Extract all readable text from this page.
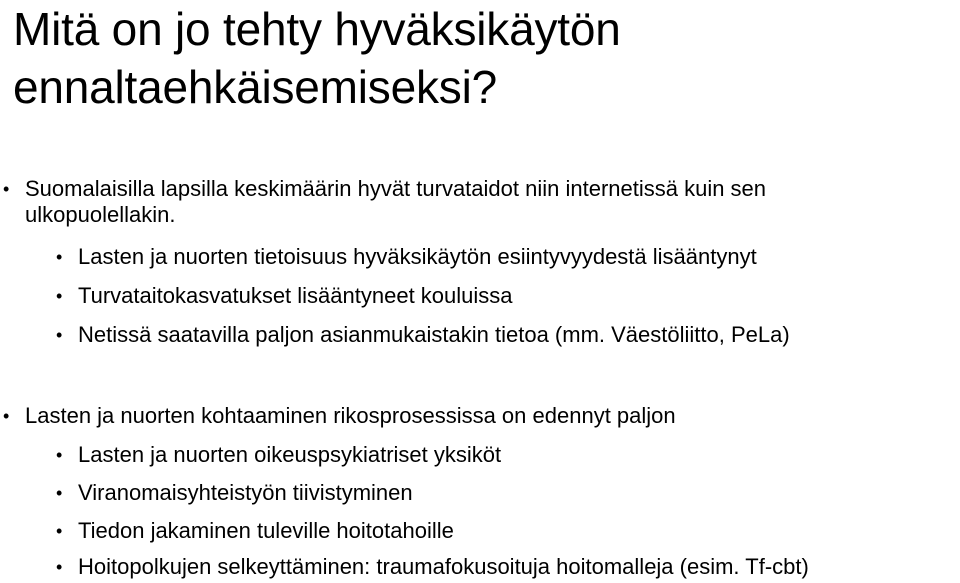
Mitä on jo tehty hyväksikäytön
ennaltaehkäisemiseksi?
• Suomalaisilla lapsilla keskimäärin hyvät turvataidot niin internetissä kuin sen ulkopuolellakin.
• Lasten ja nuorten tietoisuus hyväksikäytön esiintyvyydestä lisääntynyt
• Turvataitokasvatukset lisääntyneet kouluissa
• Netissä saatavilla paljon asianmukaistakin tietoa (mm. Väestöliitto, PeLa)
• Lasten ja nuorten kohtaaminen rikosprosessissa on edennyt paljon
• Lasten ja nuorten oikeuspsykiatriset yksiköt
• Viranomaisyhteistyön tiivistyminen
• Tiedon jakaminen tuleville hoitotahoille
• Hoitopolkujen selkeyttäminen: traumafokusoituja hoitomalleja (esim. Tf-cbt)
